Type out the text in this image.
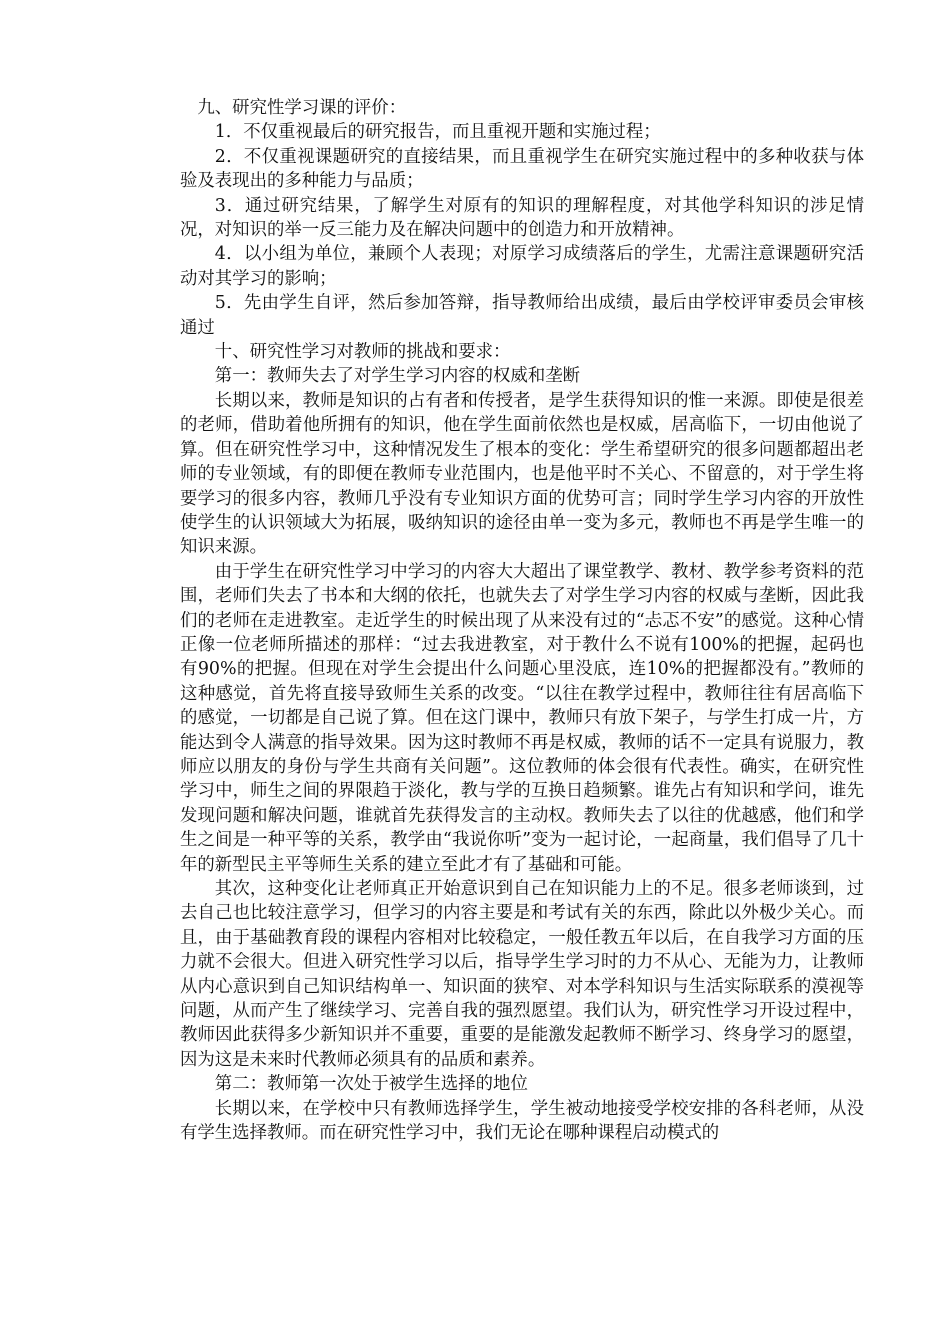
九、研究性学习课的评价：

1．不仅重视最后的研究报告，而且重视开题和实施过程；

2．不仅重视课题研究的直接结果，而且重视学生在研究实施过程中的多种收获与体验及表现出的多种能力与品质；

3．通过研究结果，了解学生对原有的知识的理解程度，对其他学科知识的涉足情况，对知识的举一反三能力及在解决问题中的创造力和开放精神。

4．以小组为单位，兼顾个人表现；对原学习成绩落后的学生，尤需注意课题研究活动对其学习的影响；

5．先由学生自评，然后参加答辩，指导教师给出成绩，最后由学校评审委员会审核通过

十、研究性学习对教师的挑战和要求：

第一：教师失去了对学生学习内容的权威和垄断

长期以来，教师是知识的占有者和传授者，是学生获得知识的惟一来源。即使是很差的老师，借助着他所拥有的知识，他在学生面前依然也是权威，居高临下，一切由他说了算。但在研究性学习中，这种情况发生了根本的变化：学生希望研究的很多问题都超出老师的专业领域，有的即便在教师专业范围内，也是他平时不关心、不留意的，对于学生将要学习的很多内容，教师几乎没有专业知识方面的优势可言；同时学生学习内容的开放性使学生的认识领域大为拓展，吸纳知识的途径由单一变为多元，教师也不再是学生唯一的知识来源。

由于学生在研究性学习中学习的内容大大超出了课堂教学、教材、教学参考资料的范围，老师们失去了书本和大纲的依托，也就失去了对学生学习内容的权威与垄断，因此我们的老师在走进教室。走近学生的时候出现了从来没有过的“忐忑不安”的感觉。这种心情正像一位老师所描述的那样：“过去我进教室，对于教什么不说有100%的把握，起码也有90%的把握。但现在对学生会提出什么问题心里没底，连10%的把握都没有。”教师的这种感觉，首先将直接导致师生关系的改变。“以往在教学过程中，教师往往有居高临下的感觉，一切都是自己说了算。但在这门课中，教师只有放下架子，与学生打成一片，方能达到令人满意的指导效果。因为这时教师不再是权威，教师的话不一定具有说服力，教师应以朋友的身份与学生共商有关问题”。这位教师的体会很有代表性。确实，在研究性学习中，师生之间的界限趋于淡化，教与学的互换日趋频繁。谁先占有知识和学问，谁先发现问题和解决问题，谁就首先获得发言的主动权。教师失去了以往的优越感，他们和学生之间是一种平等的关系，教学由“我说你听”变为一起讨论，一起商量，我们倡导了几十年的新型民主平等师生关系的建立至此才有了基础和可能。

其次，这种变化让老师真正开始意识到自己在知识能力上的不足。很多老师谈到，过去自己也比较注意学习，但学习的内容主要是和考试有关的东西，除此以外极少关心。而且，由于基础教育段的课程内容相对比较稳定，一般任教五年以后，在自我学习方面的压力就不会很大。但进入研究性学习以后，指导学生学习时的力不从心、无能为力，让教师从内心意识到自己知识结构单一、知识面的狭窄、对本学科知识与生活实际联系的漠视等问题，从而产生了继续学习、完善自我的强烈愿望。我们认为，研究性学习开设过程中，教师因此获得多少新知识并不重要，重要的是能激发起教师不断学习、终身学习的愿望，因为这是未来时代教师必须具有的品质和素养。

第二：教师第一次处于被学生选择的地位

长期以来，在学校中只有教师选择学生，学生被动地接受学校安排的各科老师，从没有学生选择教师。而在研究性学习中，我们无论在哪种课程启动模式的
